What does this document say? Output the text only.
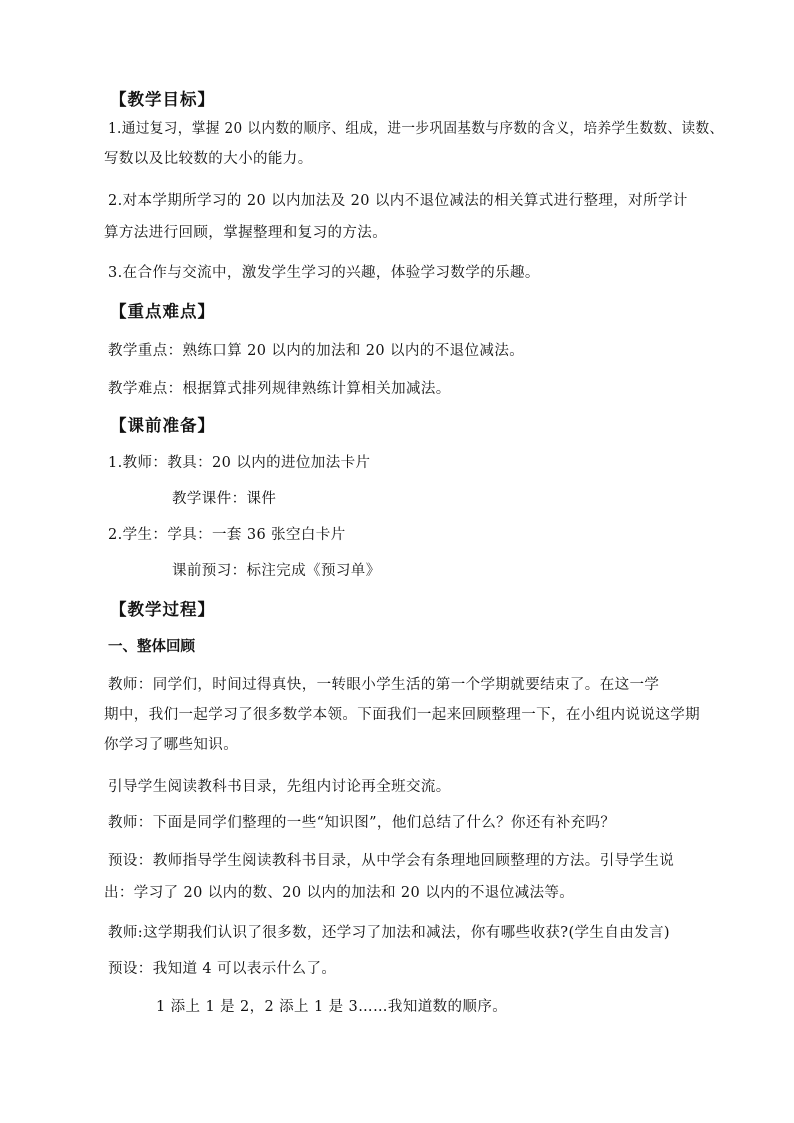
【教学目标】
1.通过复习，掌握 20 以内数的顺序、组成，进一步巩固基数与序数的含义，培养学生数数、读数、
写数以及比较数的大小的能力。
2.对本学期所学习的 20 以内加法及 20 以内不退位减法的相关算式进行整理，对所学计
算方法进行回顾，掌握整理和复习的方法。
3.在合作与交流中，激发学生学习的兴趣，体验学习数学的乐趣。
【重点难点】
教学重点：熟练口算 20 以内的加法和 20 以内的不退位减法。
教学难点：根据算式排列规律熟练计算相关加减法。
【课前准备】
1.教师：教具：20 以内的进位加法卡片
教学课件：课件
2.学生：学具：一套 36 张空白卡片
课前预习：标注完成《预习单》
【教学过程】
一、整体回顾
教师：同学们，时间过得真快，一转眼小学生活的第一个学期就要结束了。在这一学
期中，我们一起学习了很多数学本领。下面我们一起来回顾整理一下，在小组内说说这学期
你学习了哪些知识。
引导学生阅读教科书目录，先组内讨论再全班交流。
教师：下面是同学们整理的一些“知识图”，他们总结了什么？你还有补充吗？
预设：教师指导学生阅读教科书目录，从中学会有条理地回顾整理的方法。引导学生说
出：学习了 20 以内的数、20 以内的加法和 20 以内的不退位减法等。
教师:这学期我们认识了很多数，还学习了加法和减法，你有哪些收获?(学生自由发言)
预设：我知道 4 可以表示什么了。
1 添上 1 是 2，2 添上 1 是 3……我知道数的顺序。
